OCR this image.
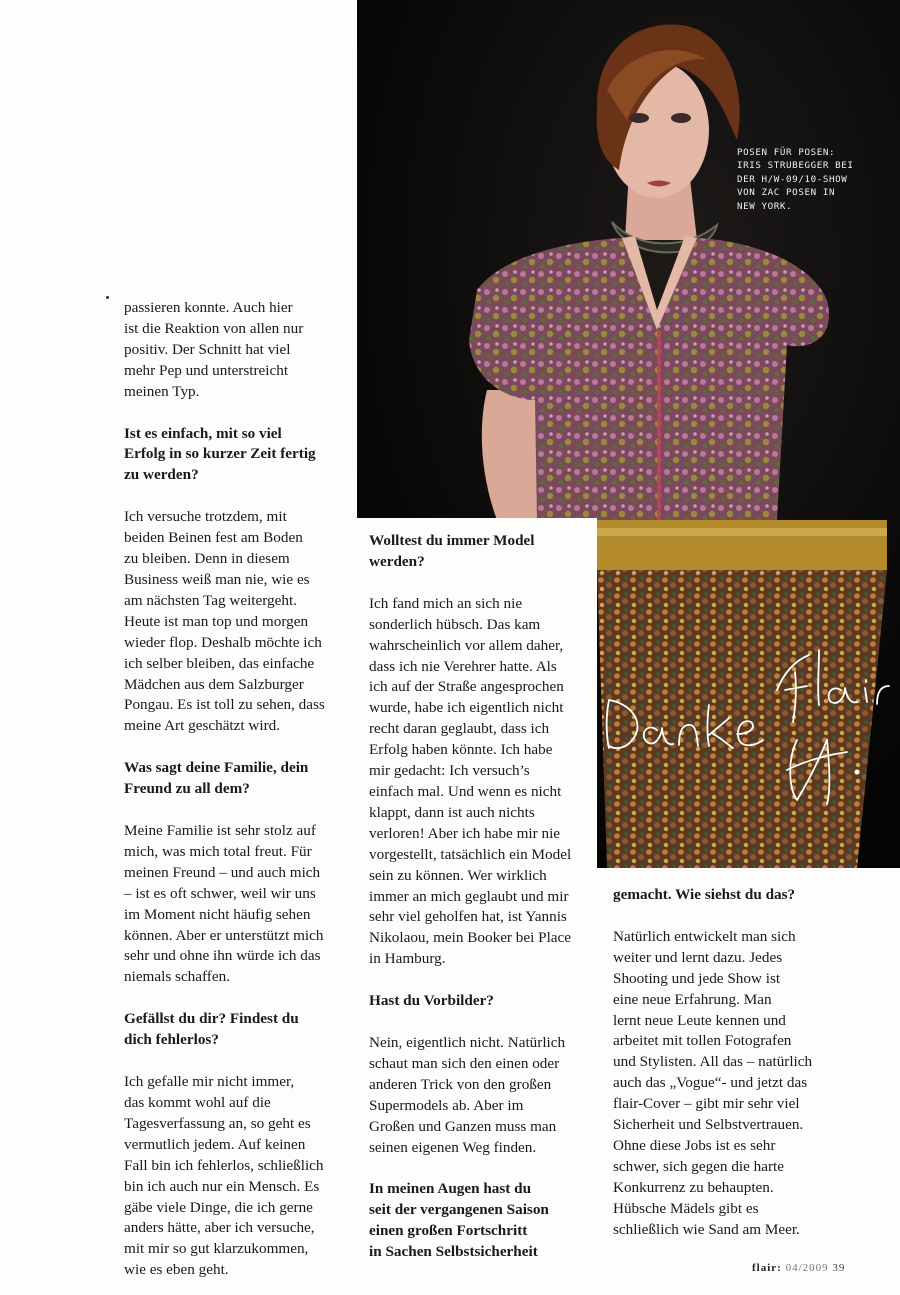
POSEN FÜR POSEN:
IRIS STRUBEGGER BEI
DER H/W-09/10-SHOW
VON ZAC POSEN IN
NEW YORK.
passieren konnte. Auch hier
ist die Reaktion von allen nur
positiv. Der Schnitt hat viel
mehr Pep und unterstreicht
meinen Typ.
Ist es einfach, mit so viel
Erfolg in so kurzer Zeit fertig
zu werden?
Ich versuche trotzdem, mit
beiden Beinen fest am Boden
zu bleiben. Denn in diesem
Business weiß man nie, wie es
am nächsten Tag weitergeht.
Heute ist man top und morgen
wieder flop. Deshalb möchte ich
ich selber bleiben, das einfache
Mädchen aus dem Salzburger
Pongau. Es ist toll zu sehen, dass
meine Art geschätzt wird.
Was sagt deine Familie, dein
Freund zu all dem?
Meine Familie ist sehr stolz auf
mich, was mich total freut. Für
meinen Freund – und auch mich
– ist es oft schwer, weil wir uns
im Moment nicht häufig sehen
können. Aber er unterstützt mich
sehr und ohne ihn würde ich das
niemals schaffen.
Gefällst du dir? Findest du
dich fehlerlos?
Ich gefalle mir nicht immer,
das kommt wohl auf die
Tagesverfassung an, so geht es
vermutlich jedem. Auf keinen
Fall bin ich fehlerlos, schließlich
bin ich auch nur ein Mensch. Es
gäbe viele Dinge, die ich gerne
anders hätte, aber ich versuche,
mit mir so gut klarzukommen,
wie es eben geht.
Wolltest du immer Model
werden?
Ich fand mich an sich nie
sonderlich hübsch. Das kam
wahrscheinlich vor allem daher,
dass ich nie Verehrer hatte. Als
ich auf der Straße angesprochen
wurde, habe ich eigentlich nicht
recht daran geglaubt, dass ich
Erfolg haben könnte. Ich habe
mir gedacht: Ich versuch’s
einfach mal. Und wenn es nicht
klappt, dann ist auch nichts
verloren! Aber ich habe mir nie
vorgestellt, tatsächlich ein Model
sein zu können. Wer wirklich
immer an mich geglaubt und mir
sehr viel geholfen hat, ist Yannis
Nikolaou, mein Booker bei Place
in Hamburg.
Hast du Vorbilder?
Nein, eigentlich nicht. Natürlich
schaut man sich den einen oder
anderen Trick von den großen
Supermodels ab. Aber im
Großen und Ganzen muss man
seinen eigenen Weg finden.
In meinen Augen hast du
seit der vergangenen Saison
einen großen Fortschritt
in Sachen Selbstsicherheit
gemacht. Wie siehst du das?
Natürlich entwickelt man sich
weiter und lernt dazu. Jedes
Shooting und jede Show ist
eine neue Erfahrung. Man
lernt neue Leute kennen und
arbeitet mit tollen Fotografen
und Stylisten. All das – natürlich
auch das „Vogue“- und jetzt das
flair-Cover – gibt mir sehr viel
Sicherheit und Selbstvertrauen.
Ohne diese Jobs ist es sehr
schwer, sich gegen die harte
Konkurrenz zu behaupten.
Hübsche Mädels gibt es
schließlich wie Sand am Meer.
flair: 04/2009 39
